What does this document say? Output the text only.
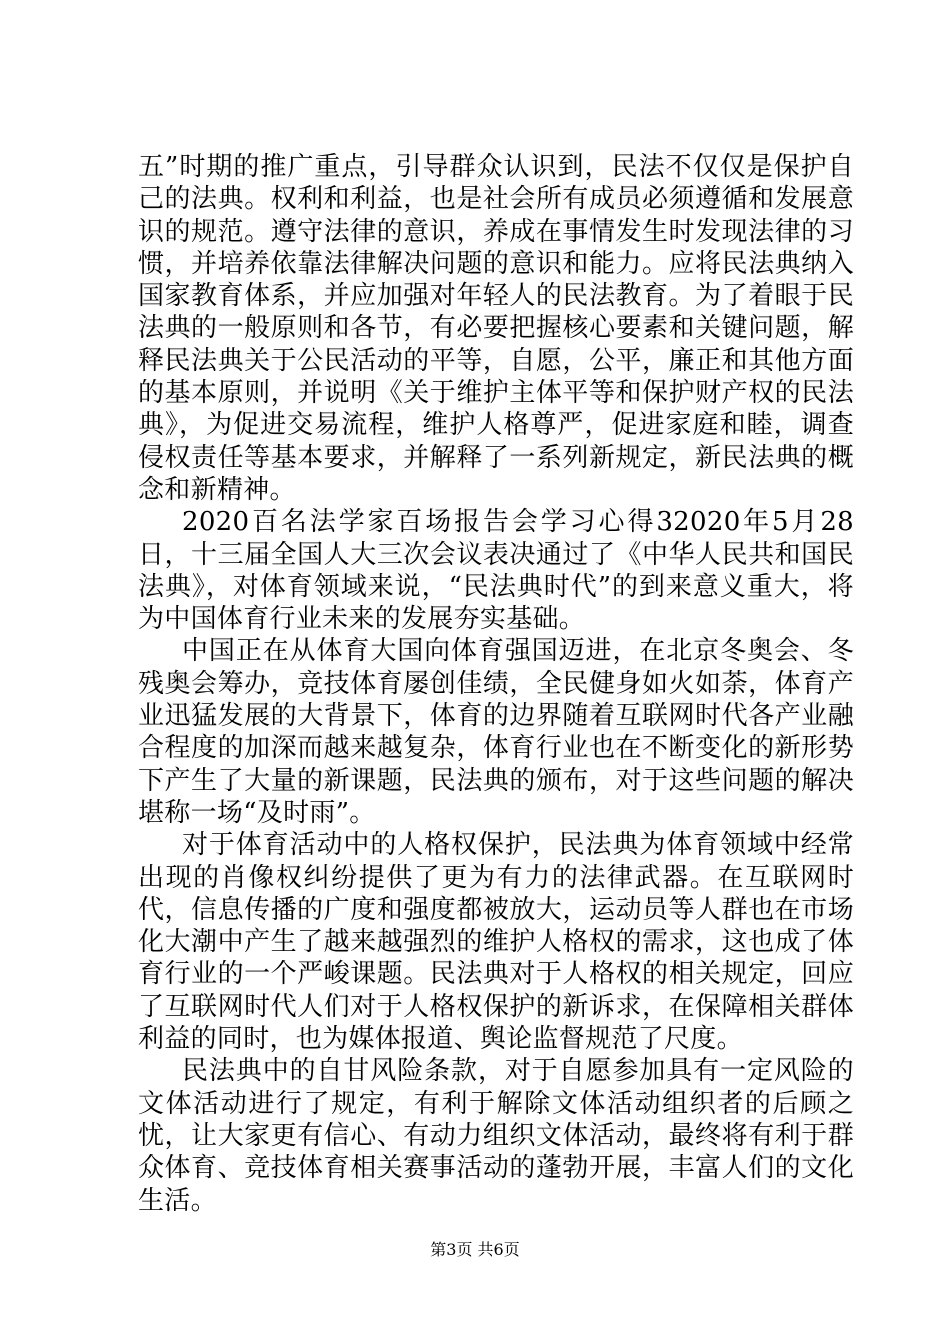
五”时期的推广重点，引导群众认识到，民法不仅仅是保护自己的法典。权利和利益，也是社会所有成员必须遵循和发展意识的规范。遵守法律的意识，养成在事情发生时发现法律的习惯，并培养依靠法律解决问题的意识和能力。应将民法典纳入国家教育体系，并应加强对年轻人的民法教育。为了着眼于民法典的一般原则和各节，有必要把握核心要素和关键问题，解释民法典关于公民活动的平等，自愿，公平，廉正和其他方面的基本原则，并说明《关于维护主体平等和保护财产权的民法典》，为促进交易流程，维护人格尊严，促进家庭和睦，调查侵权责任等基本要求，并解释了一系列新规定，新民法典的概念和新精神。

2020百名法学家百场报告会学习心得32020年5月28日，十三届全国人大三次会议表决通过了《中华人民共和国民法典》，对体育领域来说，“民法典时代”的到来意义重大，将为中国体育行业未来的发展夯实基础。

中国正在从体育大国向体育强国迈进，在北京冬奥会、冬残奥会筹办，竞技体育屡创佳绩，全民健身如火如荼，体育产业迅猛发展的大背景下，体育的边界随着互联网时代各产业融合程度的加深而越来越复杂，体育行业也在不断变化的新形势下产生了大量的新课题，民法典的颁布，对于这些问题的解决堪称一场“及时雨”。

对于体育活动中的人格权保护，民法典为体育领域中经常出现的肖像权纠纷提供了更为有力的法律武器。在互联网时代，信息传播的广度和强度都被放大，运动员等人群也在市场化大潮中产生了越来越强烈的维护人格权的需求，这也成了体育行业的一个严峻课题。民法典对于人格权的相关规定，回应了互联网时代人们对于人格权保护的新诉求，在保障相关群体利益的同时，也为媒体报道、舆论监督规范了尺度。

民法典中的自甘风险条款，对于自愿参加具有一定风险的文体活动进行了规定，有利于解除文体活动组织者的后顾之忧，让大家更有信心、有动力组织文体活动，最终将有利于群众体育、竞技体育相关赛事活动的蓬勃开展，丰富人们的文化生活。

第3页 共6页
